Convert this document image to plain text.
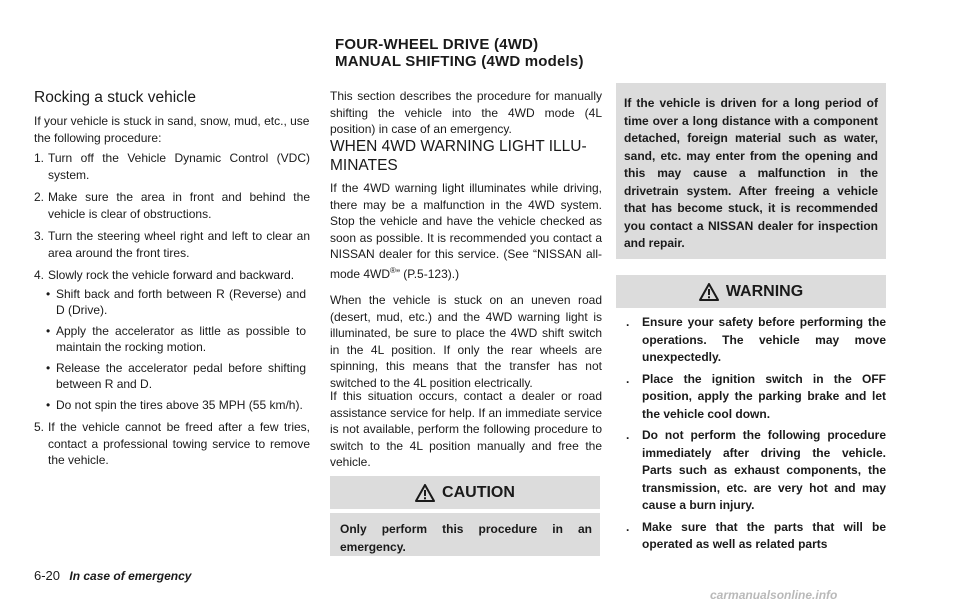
Rocking a stuck vehicle

If your vehicle is stuck in sand, snow, mud, etc., use the following procedure:

1. Turn off the Vehicle Dynamic Control (VDC) system.
2. Make sure the area in front and behind the vehicle is clear of obstructions.
3. Turn the steering wheel right and left to clear an area around the front tires.
4. Slowly rock the vehicle forward and backward.
• Shift back and forth between R (Reverse) and D (Drive).
• Apply the accelerator as little as possible to maintain the rocking motion.
• Release the accelerator pedal before shifting between R and D.
• Do not spin the tires above 35 MPH (55 km/h).
5. If the vehicle cannot be freed after a few tries, contact a professional towing service to remove the vehicle.
FOUR-WHEEL DRIVE (4WD)
MANUAL SHIFTING (4WD models)

This section describes the procedure for manually shifting the vehicle into the 4WD mode (4L position) in case of an emergency.

WHEN 4WD WARNING LIGHT ILLU-
MINATES

If the 4WD warning light illuminates while driving, there may be a malfunction in the 4WD system. Stop the vehicle and have the vehicle checked as soon as possible. It is recommended you contact a NISSAN dealer for this service. (See “NISSAN all-mode 4WD®” (P.5-123).)

When the vehicle is stuck on an uneven road (desert, mud, etc.) and the 4WD warning light is illuminated, be sure to place the 4WD shift switch in the 4L position. If only the rear wheels are spinning, this means that the transfer has not switched to the 4L position electrically.

If this situation occurs, contact a dealer or road assistance service for help. If an immediate service is not available, perform the following procedure to switch to the 4L position manually and free the vehicle.

CAUTION
Only perform this procedure in an emergency.
If the vehicle is driven for a long period of time over a long distance with a component detached, foreign material such as water, sand, etc. may enter from the opening and this may cause a malfunction in the drivetrain system. After freeing a vehicle that has become stuck, it is recommended you contact a NISSAN dealer for inspection and repair.
WARNING
. Ensure your safety before performing the operations. The vehicle may move unexpectedly.
. Place the ignition switch in the OFF position, apply the parking brake and let the vehicle cool down.
. Do not perform the following procedure immediately after driving the vehicle. Parts such as exhaust components, the transmission, etc. are very hot and may cause a burn injury.
. Make sure that the parts that will be operated as well as related parts
6-20 In case of emergency
carmanualsonline.info
